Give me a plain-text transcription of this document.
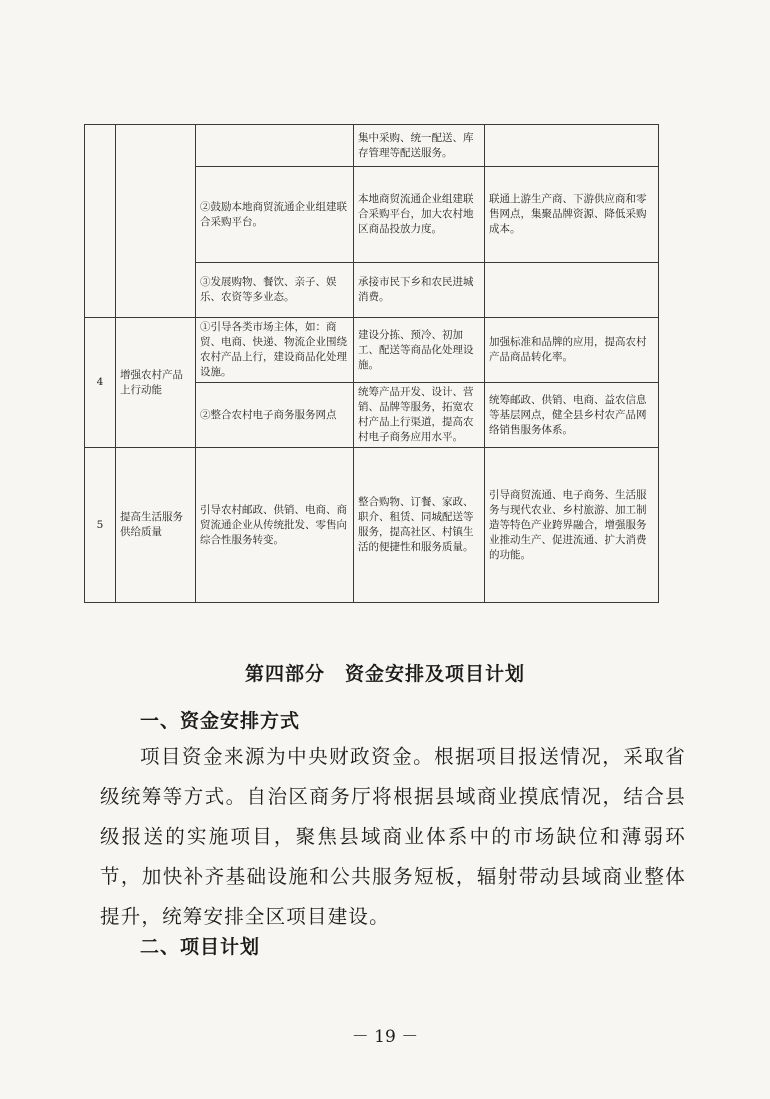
			集中采购、统一配送、库存管理等配送服务。	
		②鼓励本地商贸流通企业组建联合采购平台。	本地商贸流通企业组建联合采购平台，加大农村地区商品投放力度。	联通上游生产商、下游供应商和零售网点，集聚品牌资源、降低采购成本。
		③发展购物、餐饮、亲子、娱乐、农资等多业态。	承接市民下乡和农民进城消费。	
4	增强农村产品上行动能	①引导各类市场主体，如：商贸、电商、快递、物流企业围绕农村产品上行，建设商品化处理设施。	建设分拣、预冷、初加工、配送等商品化处理设施。	加强标准和品牌的应用，提高农村产品商品转化率。
		②整合农村电子商务服务网点	统筹产品开发、设计、营销、品牌等服务，拓宽农村产品上行渠道，提高农村电子商务应用水平。	统筹邮政、供销、电商、益农信息等基层网点，健全县乡村农产品网络销售服务体系。
5	提高生活服务供给质量	引导农村邮政、供销、电商、商贸流通企业从传统批发、零售向综合性服务转变。	整合购物、订餐、家政、职介、租赁、同城配送等服务，提高社区、村镇生活的便捷性和服务质量。	引导商贸流通、电子商务、生活服务与现代农业、乡村旅游、加工制造等特色产业跨界融合，增强服务业推动生产、促进流通、扩大消费的功能。
第四部分　资金安排及项目计划
一、资金安排方式
项目资金来源为中央财政资金。根据项目报送情况，采取省级统筹等方式。自治区商务厅将根据县域商业摸底情况，结合县级报送的实施项目，聚焦县域商业体系中的市场缺位和薄弱环节，加快补齐基础设施和公共服务短板，辐射带动县域商业整体提升，统筹安排全区项目建设。
二、项目计划
－ 19 －
